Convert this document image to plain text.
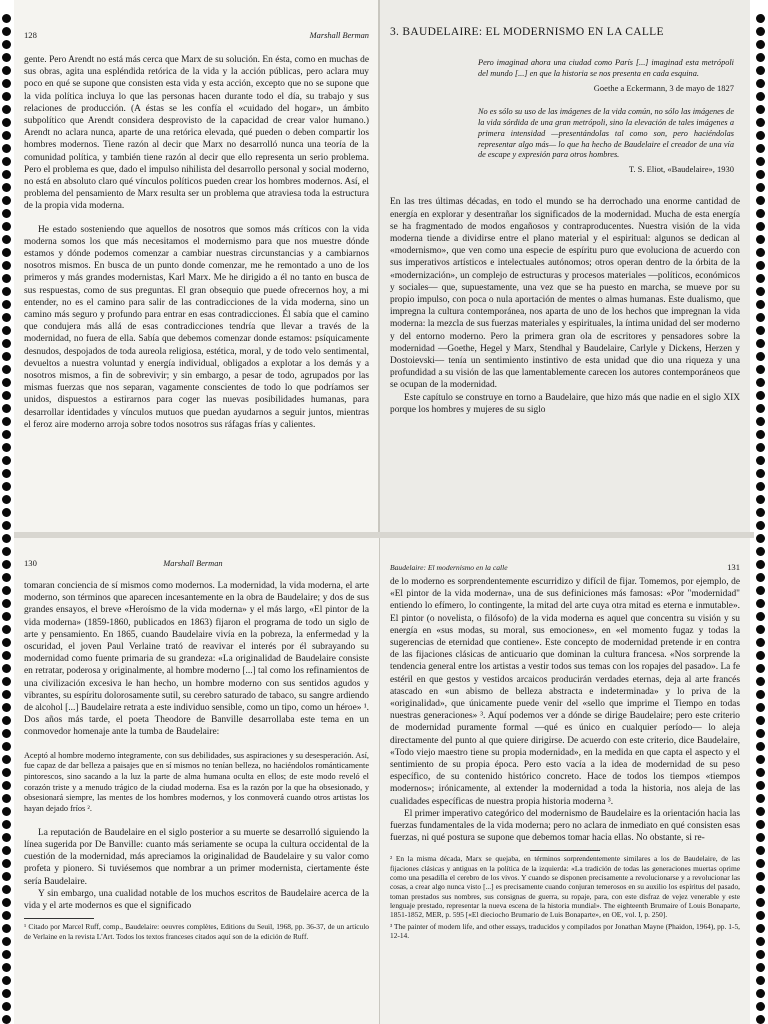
128	Marshall Berman

gente. Pero Arendt no está más cerca que Marx de su solución. En ésta, como en muchas de sus obras, agita una espléndida retórica de la vida y la acción públicas, pero aclara muy poco en qué se supone que consisten esta vida y esta acción, excepto que no se supone que la vida política incluya lo que las personas hacen durante todo el día, su trabajo y sus relaciones de producción. (A éstas se les confía el «cuidado del hogar», un ámbito subpolítico que Arendt considera desprovisto de la capacidad de crear valor humano.) Arendt no aclara nunca, aparte de una retórica elevada, qué pueden o deben compartir los hombres modernos. Tiene razón al decir que Marx no desarrolló nunca una teoría de la comunidad política, y también tiene razón al decir que ello representa un serio problema. Pero el problema es que, dado el impulso nihilista del desarrollo personal y social moderno, no está en absoluto claro qué vínculos políticos pueden crear los hombres modernos. Así, el problema del pensamiento de Marx resulta ser un problema que atraviesa toda la estructura de la propia vida moderna.

He estado sosteniendo que aquellos de nosotros que somos más críticos con la vida moderna somos los que más necesitamos el modernismo para que nos muestre dónde estamos y dónde podemos comenzar a cambiar nuestras circunstancias y a cambiarnos nosotros mismos. En busca de un punto donde comenzar, me he remontado a uno de los primeros y más grandes modernistas, Karl Marx. Me he dirigido a él no tanto en busca de sus respuestas, como de sus preguntas. El gran obsequio que puede ofrecernos hoy, a mi entender, no es el camino para salir de las contradicciones de la vida moderna, sino un camino más seguro y profundo para entrar en esas contradicciones. Él sabía que el camino que condujera más allá de esas contradicciones tendría que llevar a través de la modernidad, no fuera de ella. Sabía que debemos comenzar donde estamos: psíquicamente desnudos, despojados de toda aureola religiosa, estética, moral, y de todo velo sentimental, devueltos a nuestra voluntad y energía individual, obligados a explotar a los demás y a nosotros mismos, a fin de sobrevivir; y sin embargo, a pesar de todo, agrupados por las mismas fuerzas que nos separan, vagamente conscientes de todo lo que podríamos ser unidos, dispuestos a estirarnos para coger las nuevas posibilidades humanas, para desarrollar identidades y vínculos mutuos que puedan ayudarnos a seguir juntos, mientras el feroz aire moderno arroja sobre todos nosotros sus ráfagas frías y calientes.

3. BAUDELAIRE: EL MODERNISMO EN LA CALLE
Pero imaginad ahora una ciudad como París [...] imaginad esta metrópoli del mundo [...] en que la historia se nos presenta en cada esquina.
Goethe a Eckermann, 3 de mayo de 1827
No es sólo su uso de las imágenes de la vida común, no sólo las imágenes de la vida sórdida de una gran metrópoli, sino la elevación de tales imágenes a primera intensidad —presentándolas tal como son, pero haciéndolas representar algo más— lo que ha hecho de Baudelaire el creador de una vía de escape y expresión para otros hombres.
T. S. Eliot, «Baudelaire», 1930

En las tres últimas décadas, en todo el mundo se ha derrochado una enorme cantidad de energía en explorar y desentrañar los significados de la modernidad. Mucha de esta energía se ha fragmentado de modos engañosos y contraproducentes. Nuestra visión de la vida moderna tiende a dividirse entre el plano material y el espiritual: algunos se dedican al «modernismo», que ven como una especie de espíritu puro que evoluciona de acuerdo con sus imperativos artísticos e intelectuales autónomos; otros operan dentro de la órbita de la «modernización», un complejo de estructuras y procesos materiales —políticos, económicos y sociales— que, supuestamente, una vez que se ha puesto en marcha, se mueve por su propio impulso, con poca o nula aportación de mentes o almas humanas. Este dualismo, que impregna la cultura contemporánea, nos aparta de uno de los hechos que impregnan la vida moderna: la mezcla de sus fuerzas materiales y espirituales, la íntima unidad del ser moderno y del entorno moderno. Pero la primera gran ola de escritores y pensadores sobre la modernidad —Goethe, Hegel y Marx, Stendhal y Baudelaire, Carlyle y Dickens, Herzen y Dostoievski— tenía un sentimiento instintivo de esta unidad que dio una riqueza y una profundidad a su visión de las que lamentablemente carecen los autores contemporáneos que se ocupan de la modernidad.

Este capítulo se construye en torno a Baudelaire, que hizo más que nadie en el siglo XIX porque los hombres y mujeres de su siglo

130	Marshall Berman

tomaran conciencia de sí mismos como modernos. La modernidad, la vida moderna, el arte moderno, son términos que aparecen incesantemente en la obra de Baudelaire; y dos de sus grandes ensayos, el breve «Heroísmo de la vida moderna» y el más largo, «El pintor de la vida moderna» (1859-1860, publicados en 1863) fijaron el programa de todo un siglo de arte y pensamiento. En 1865, cuando Baudelaire vivía en la pobreza, la enfermedad y la oscuridad, el joven Paul Verlaine trató de reavivar el interés por él subrayando su modernidad como fuente primaria de su grandeza: «La originalidad de Baudelaire consiste en retratar, poderosa y originalmente, al hombre moderno [...] tal como los refinamientos de una civilización excesiva le han hecho, un hombre moderno con sus sentidos agudos y vibrantes, su espíritu dolorosamente sutil, su cerebro saturado de tabaco, su sangre ardiendo de alcohol [...] Baudelaire retrata a este individuo sensible, como un tipo, como un héroe» ¹. Dos años más tarde, el poeta Theodore de Banville desarrollaba este tema en un conmovedor homenaje ante la tumba de Baudelaire:

Aceptó al hombre moderno íntegramente, con sus debilidades, sus aspiraciones y su desesperación. Así, fue capaz de dar belleza a paisajes que en sí mismos no tenían belleza, no haciéndolos románticamente pintorescos, sino sacando a la luz la parte de alma humana oculta en ellos; de este modo reveló el corazón triste y a menudo trágico de la ciudad moderna. Esa es la razón por la que ha obsesionado, y obsesionará siempre, las mentes de los hombres modernos, y los conmoverá cuando otros artistas los hayan dejado fríos ².

La reputación de Baudelaire en el siglo posterior a su muerte se desarrolló siguiendo la línea sugerida por De Banville: cuanto más seriamente se ocupa la cultura occidental de la cuestión de la modernidad, más apreciamos la originalidad de Baudelaire y su valor como profeta y pionero. Si tuviésemos que nombrar a un primer modernista, ciertamente éste sería Baudelaire.

Y sin embargo, una cualidad notable de los muchos escritos de Baudelaire acerca de la vida y el arte modernos es que el significado

¹ Citado por Marcel Ruff, comp., Baudelaire: oeuvres complètes, Editions du Seuil, 1968, pp. 36-37, de un artículo de Verlaine en la revista L'Art. Todos los textos franceses citados aquí son de la edición de Ruff.
Baudelaire: El modernismo en la calle	131

de lo moderno es sorprendentemente escurridizo y difícil de fijar. Tomemos, por ejemplo, de «El pintor de la vida moderna», una de sus definiciones más famosas: «Por "modernidad" entiendo lo efímero, lo contingente, la mitad del arte cuya otra mitad es eterna e inmutable». El pintor (o novelista, o filósofo) de la vida moderna es aquel que concentra su visión y su energía en «sus modas, su moral, sus emociones», en «el momento fugaz y todas la sugerencias de eternidad que contiene». Este concepto de modernidad pretende ir en contra de las fijaciones clásicas de anticuario que dominan la cultura francesa. «Nos sorprende la tendencia general entre los artistas a vestir todos sus temas con los ropajes del pasado». La fe estéril en que gestos y vestidos arcaicos producirán verdades eternas, deja al arte francés atascado en «un abismo de belleza abstracta e indeterminada» y lo priva de la «originalidad», que únicamente puede venir del «sello que imprime el Tiempo en todas nuestras generaciones» ³. Aquí podemos ver a dónde se dirige Baudelaire; pero este criterio de modernidad puramente formal —qué es único en cualquier período— lo aleja directamente del punto al que quiere dirigirse. De acuerdo con este criterio, dice Baudelaire, «Todo viejo maestro tiene su propia modernidad», en la medida en que capta el aspecto y el sentimiento de su propia época. Pero esto vacía a la idea de modernidad de su peso específico, de su contenido histórico concreto. Hace de todos los tiempos «tiempos modernos»; irónicamente, al extender la modernidad a toda la historia, nos aleja de las cualidades específicas de nuestra propia historia moderna ³.

El primer imperativo categórico del modernismo de Baudelaire es la orientación hacia las fuerzas fundamentales de la vida moderna; pero no aclara de inmediato en qué consisten esas fuerzas, ni qué postura se supone que debemos tomar hacia ellas. No obstante, si re-

² En la misma década, Marx se quejaba, en términos sorprendentemente similares a los de Baudelaire, de las fijaciones clásicas y antiguas en la política de la izquierda: «La tradición de todas las generaciones muertas oprime como una pesadilla el cerebro de los vivos. Y cuando se disponen precisamente a revolucionarse y a revolucionar las cosas, a crear algo nunca visto [...] es precisamente cuando conjuran temerosos en su auxilio los espíritus del pasado, toman prestados sus nombres, sus consignas de guerra, su ropaje, para, con este disfraz de vejez venerable y este lenguaje prestado, representar la nueva escena de la historia mundial». The eighteenth Brumaire of Louis Bonaparte, 1851-1852, MER, p. 595 [«El dieciocho Brumario de Luis Bonaparte», en OE, vol. I, p. 250].
³ The painter of modern life, and other essays, traducidos y compilados por Jonathan Mayne (Phaidon, 1964), pp. 1-5, 12-14.
